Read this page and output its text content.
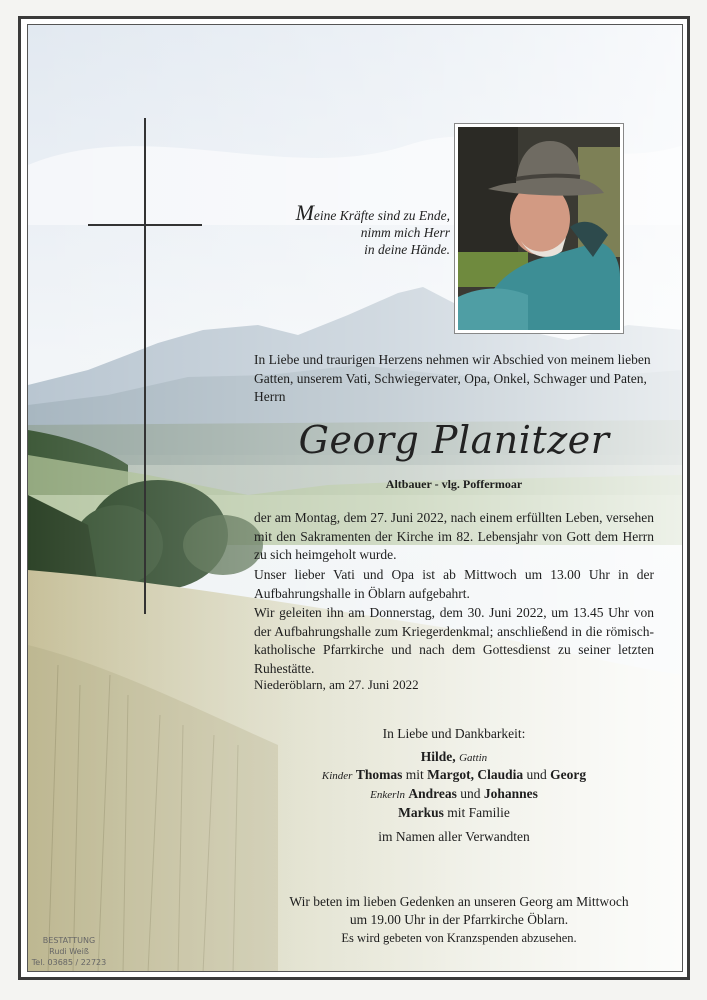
Meine Kräfte sind zu Ende,
nimm mich Herr
in deine Hände.
In Liebe und traurigen Herzens nehmen wir Abschied von meinem lieben Gatten, unserem Vati, Schwiegervater, Opa, Onkel, Schwager und Paten, Herrn
Georg Planitzer
Altbauer - vlg. Poffermoar
der am Montag, dem 27. Juni 2022, nach einem erfüllten Leben, versehen mit den Sakramenten der Kirche im 82. Lebensjahr von Gott dem Herrn zu sich heimgeholt wurde.
Unser lieber Vati und Opa ist ab Mittwoch um 13.00 Uhr in der Aufbahrungshalle in Öblarn aufgebahrt.
Wir geleiten ihn am Donnerstag, dem 30. Juni 2022, um 13.45 Uhr von der Aufbahrungshalle zum Kriegerdenkmal; anschließend in die römisch-katholische Pfarrkirche und nach dem Gottesdienst zu seiner letzten Ruhestätte.
Niederöblarn, am 27. Juni 2022
In Liebe und Dankbarkeit:
Hilde, Gattin
Kinder Thomas mit Margot, Claudia und Georg
Enkerln Andreas und Johannes
Markus mit Familie
im Namen aller Verwandten
Wir beten im lieben Gedenken an unseren Georg am Mittwoch
um 19.00 Uhr in der Pfarrkirche Öblarn.
Es wird gebeten von Kranzspenden abzusehen.
BESTATTUNG
Rudi Weiß
Tel. 03685 / 22723
